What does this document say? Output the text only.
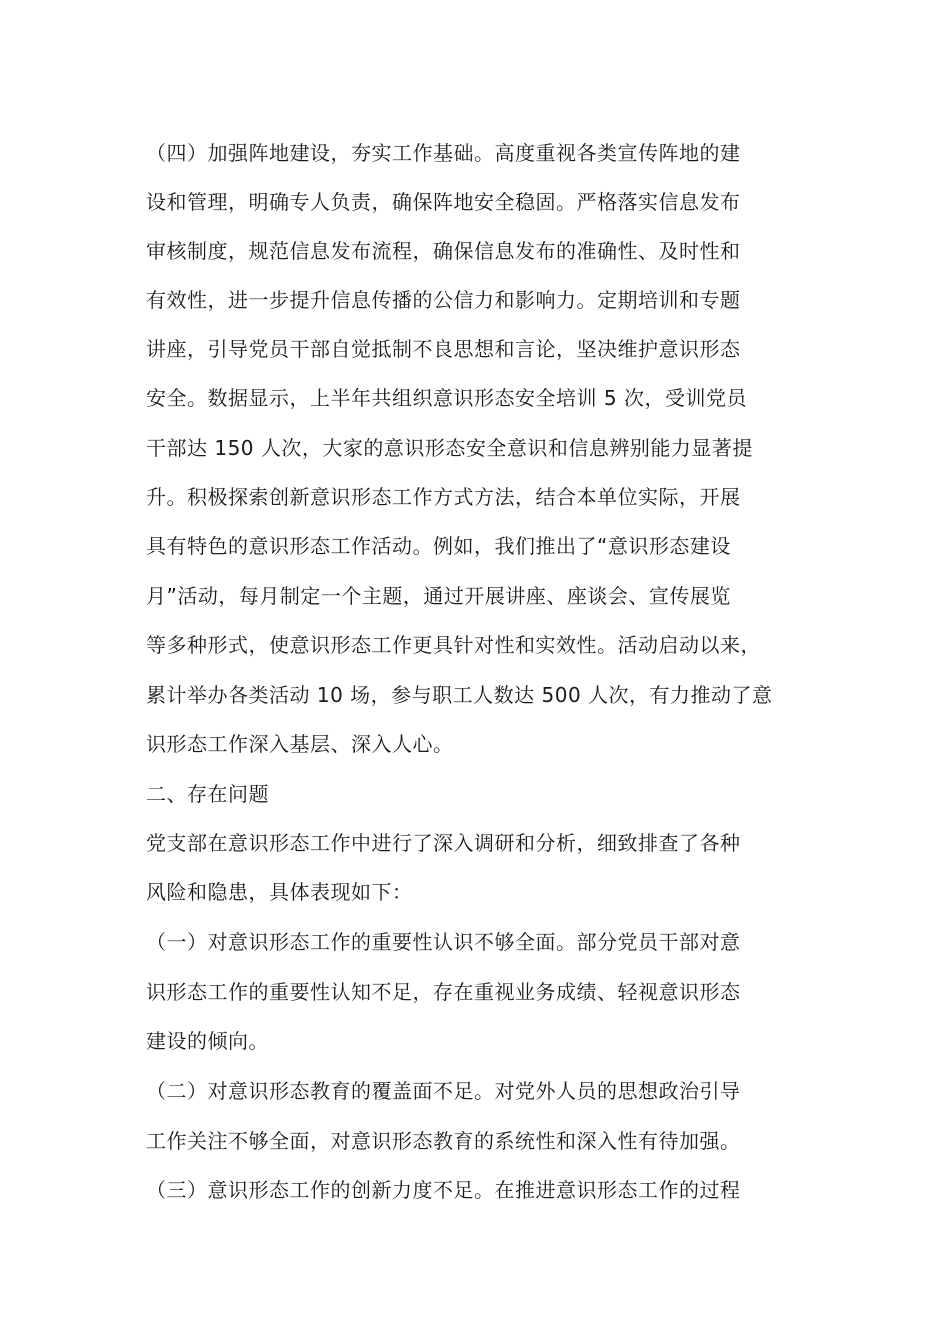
（四）加强阵地建设，夯实工作基础。高度重视各类宣传阵地的建
设和管理，明确专人负责，确保阵地安全稳固。严格落实信息发布
审核制度，规范信息发布流程，确保信息发布的准确性、及时性和
有效性，进一步提升信息传播的公信力和影响力。定期培训和专题
讲座，引导党员干部自觉抵制不良思想和言论，坚决维护意识形态
安全。数据显示，上半年共组织意识形态安全培训 5 次，受训党员
干部达 150 人次，大家的意识形态安全意识和信息辨别能力显著提
升。积极探索创新意识形态工作方式方法，结合本单位实际，开展
具有特色的意识形态工作活动。例如，我们推出了“意识形态建设
月”活动，每月制定一个主题，通过开展讲座、座谈会、宣传展览
等多种形式，使意识形态工作更具针对性和实效性。活动启动以来，
累计举办各类活动 10 场，参与职工人数达 500 人次，有力推动了意
识形态工作深入基层、深入人心。
二、存在问题
党支部在意识形态工作中进行了深入调研和分析，细致排查了各种
风险和隐患，具体表现如下：
（一）对意识形态工作的重要性认识不够全面。部分党员干部对意
识形态工作的重要性认知不足，存在重视业务成绩、轻视意识形态
建设的倾向。
（二）对意识形态教育的覆盖面不足。对党外人员的思想政治引导
工作关注不够全面，对意识形态教育的系统性和深入性有待加强。
（三）意识形态工作的创新力度不足。在推进意识形态工作的过程
